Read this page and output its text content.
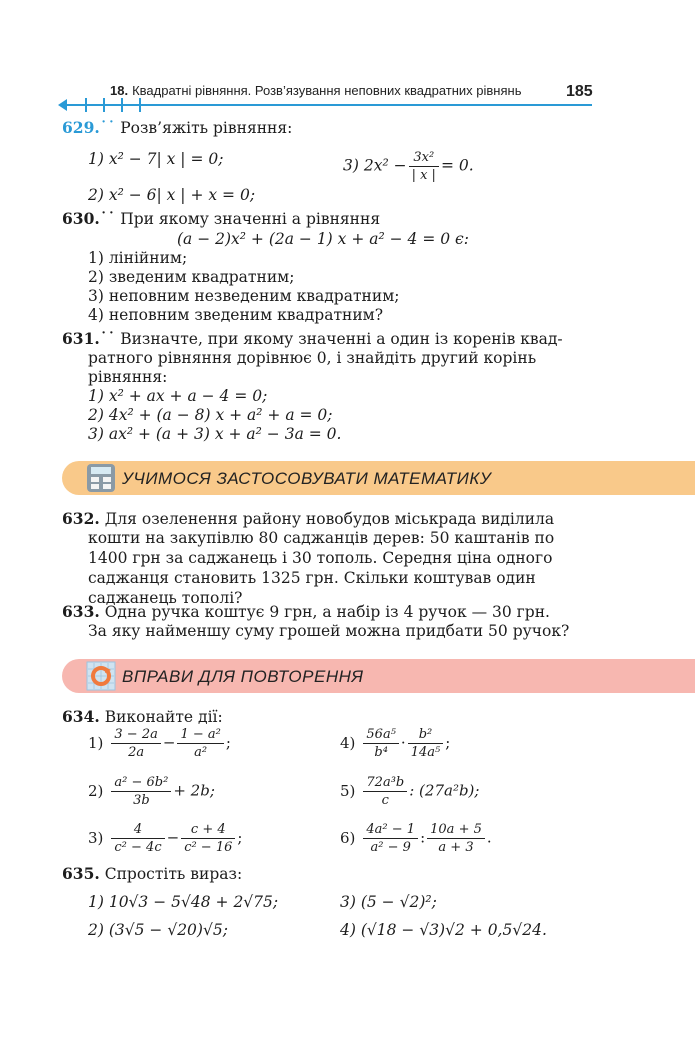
18. Квадратні рівняння. Розв’язування неповних квадратних рівнянь	185
629.˙˙ Розв’яжіть рівняння:
1) x² − 7| x | = 0;	3) $2x^2 - \frac{\text{3x²}}{| x |} = 0$.
2) x² − 6| x | + x = 0;
630.˙˙ При якому значенні a рівняння
(a − 2)x² + (2a − 1) x + a² − 4 = 0 є:
1) лінійним;
2) зведеним квадратним;
3) неповним незведеним квадратним;
4) неповним зведеним квадратним?
631.˙˙ Визначте, при якому значенні a один із коренів квад-
ратного рівняння дорівнює 0, і знайдіть другий корінь
рівняння:
1) x² + ax + a − 4 = 0;
2) 4x² + (a − 8) x + a² + a = 0;
3) ax² + (a + 3) x + a² − 3a = 0.
УЧИМОСЯ ЗАСТОСОВУВАТИ МАТЕМАТИКУ
632. Для озеленення району новобудов міськрада виділила
кошти на закупівлю 80 саджанців дерев: 50 каштанів по
1400 грн за саджанець і 30 тополь. Середня ціна одного
саджанця становить 1325 грн. Скільки коштував один
саджанець тополі?
633. Одна ручка коштує 9 грн, а набір із 4 ручок — 30 грн.
За яку найменшу суму грошей можна придбати 50 ручок?
ВПРАВИ ДЛЯ ПОВТОРЕННЯ
634. Виконайте дії:
$1) \frac{3 - 2a}{2a} - \frac{\text{1 − a²}}{\text{a²}}$ ;	$4) \frac{\text{56a⁵}}{\text{b⁴}} \cdot \frac{\text{b²}}{\text{14a⁵}}$ ;
$2) \frac{\text{a² − 6b²}}{3b} + 2b$;	$5) \frac{\text{72a³b}}{c}$ : (27a²b);
$3) \frac{4}{\text{c² − 4c}} - \frac{c + 4}{\text{c² − 16}}$ ;	$6) \frac{\text{4a² − 1}}{\text{a² − 9}}$ : $\frac{10a + 5}{a + 3}$ .
635. Спростіть вираз:
1) 10√3 − 5√48 + 2√75;	3) (5 − √2)²;
2) (3√5 − √20)√5;	4) (√18 − √3)√2 + 0,5√24.
